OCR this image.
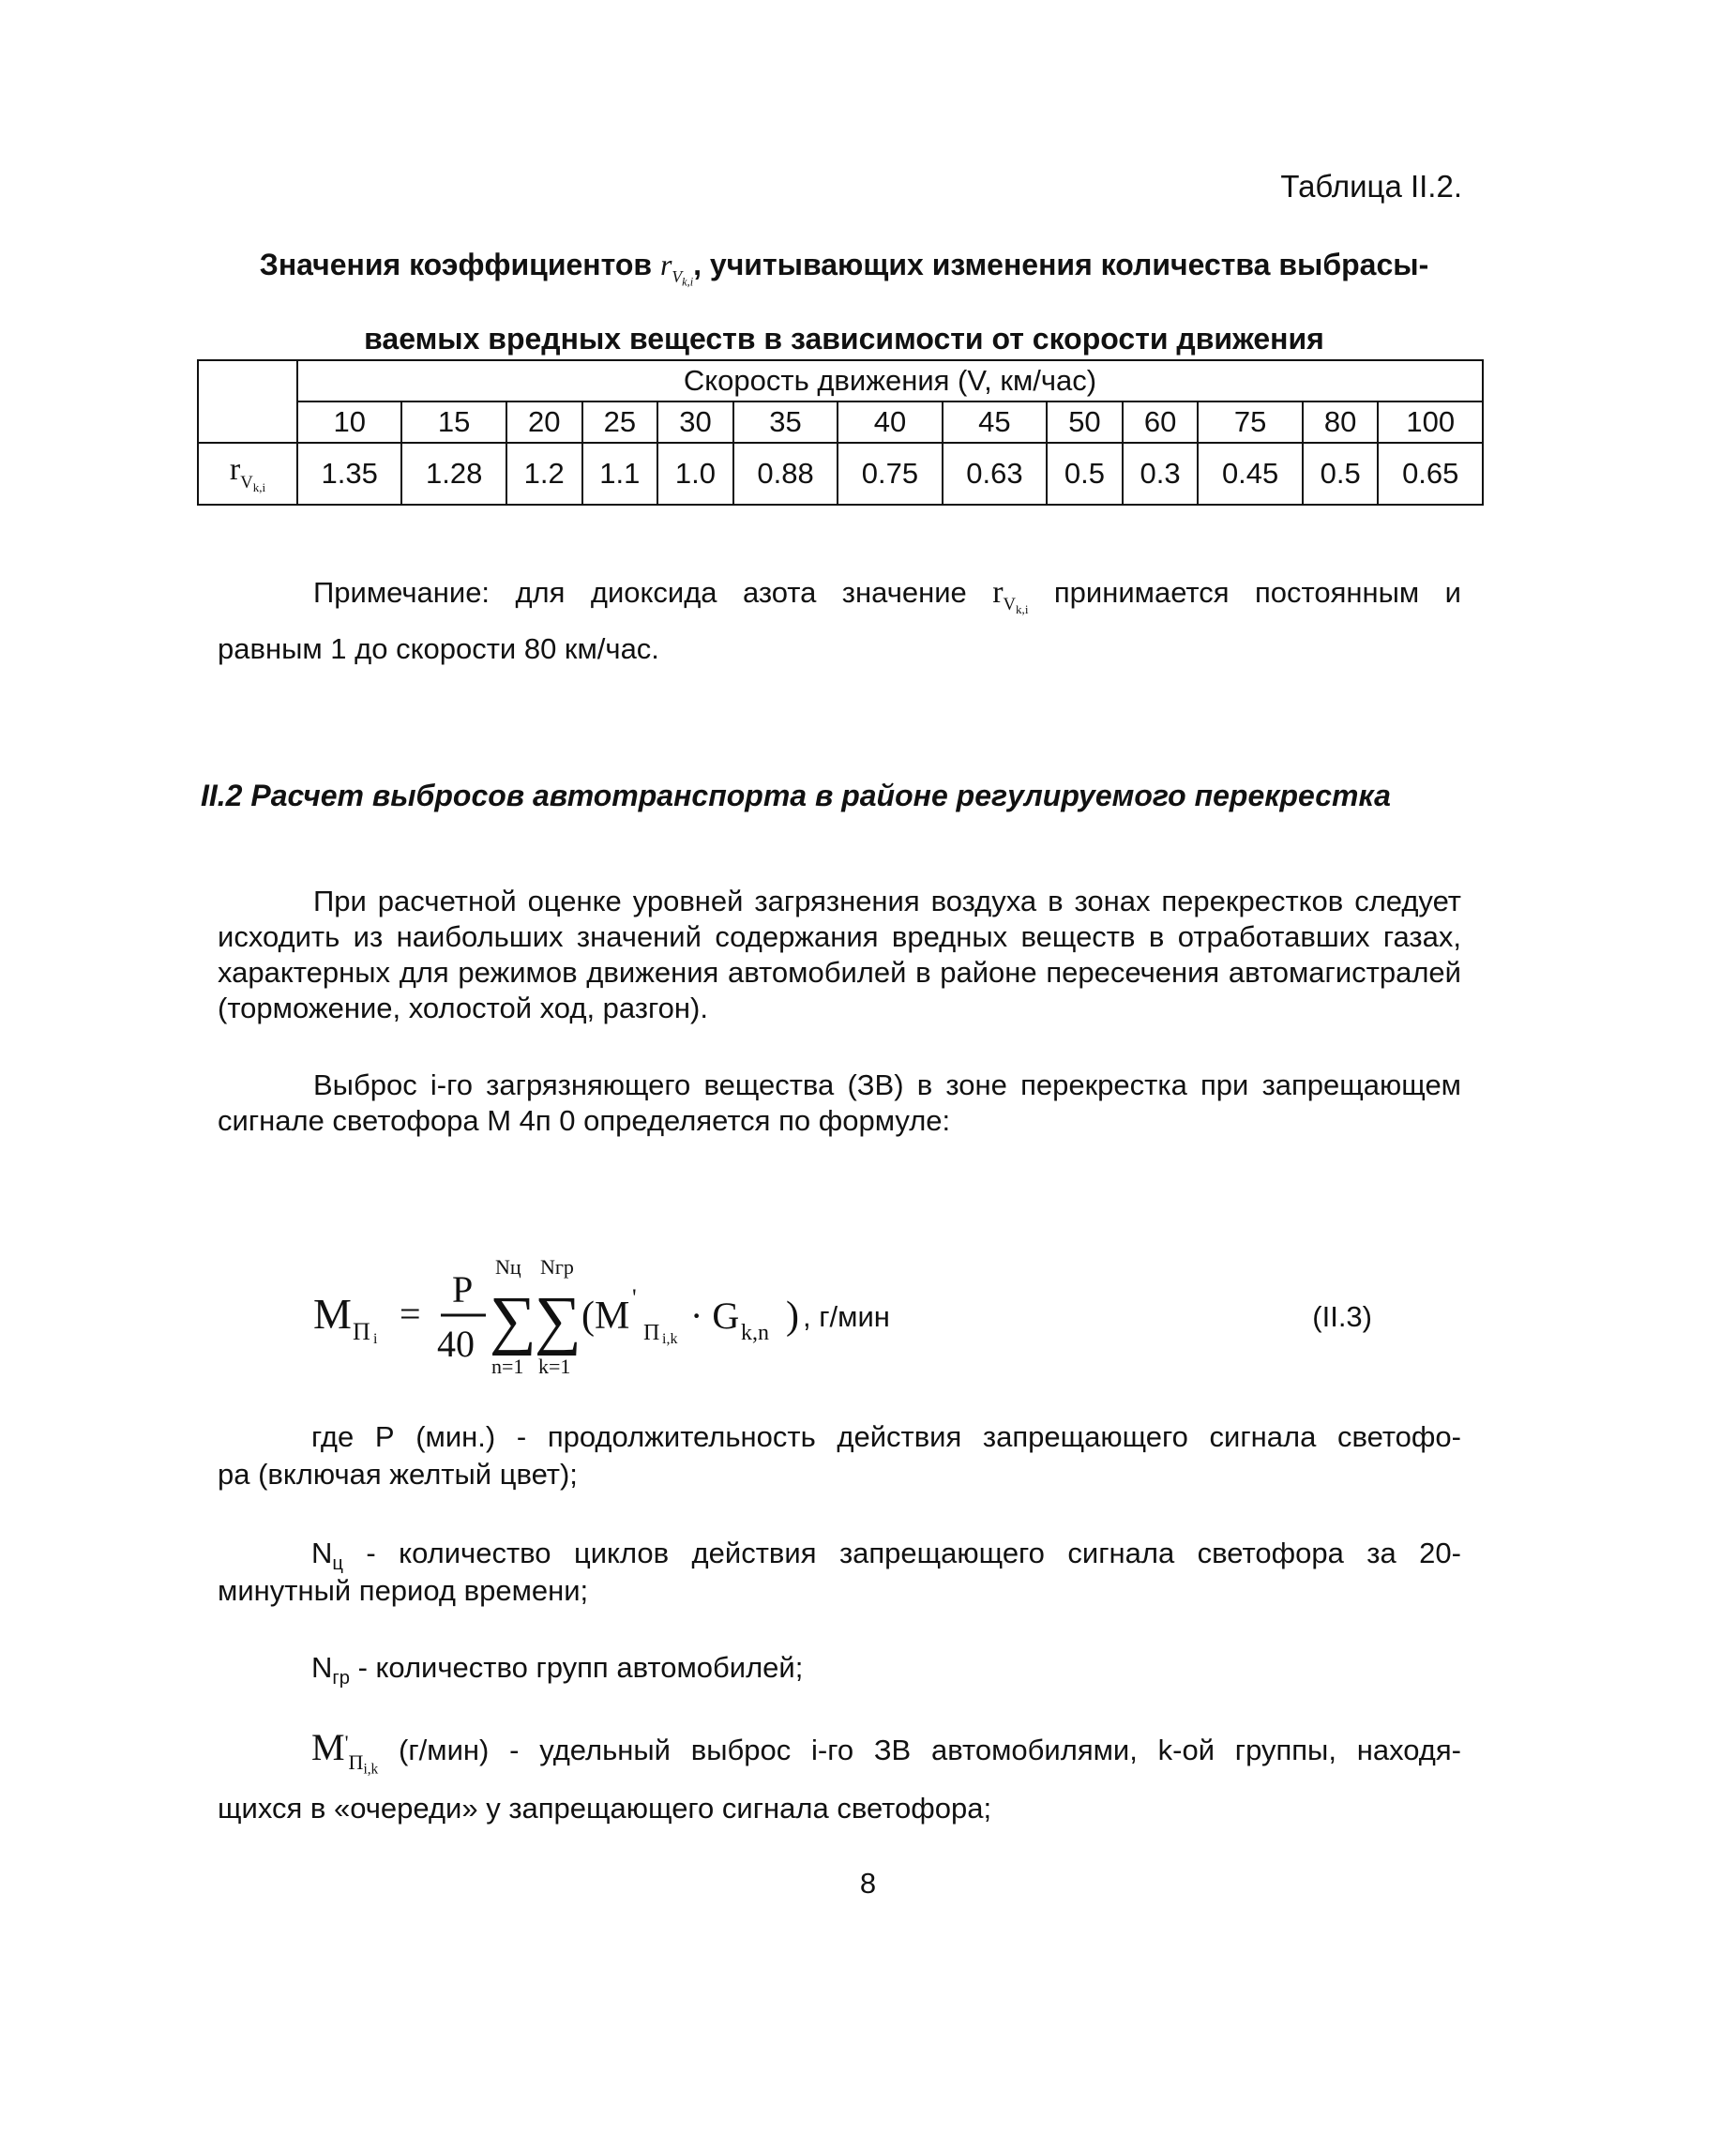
Таблица II.2.
Значения коэффициентов $r_{V_{k,i}}$, учитывающих изменения количества выбрасы-
ваемых вредных веществ в зависимости от скорости движения
	Скорость движения (V, км/час)												
	10	15	20	25	30	35	40	45	50	60	75	80	100
$r_{V_{k,i}}$	1.35	1.28	1.2	1.1	1.0	0.88	0.75	0.63	0.5	0.3	0.45	0.5	0.65
Примечание: для диоксида азота значение $r_{V_{k,i}}$ принимается постоянным и
равным 1 до скорости 80 км/час.
II.2 Расчет выбросов автотранспорта в районе регулируемого перекрестка
При расчетной оценке уровней загрязнения воздуха в зонах перекрестков следует исходить из наибольших значений содержания вредных веществ в отработавших газах, характерных для режимов движения автомобилей в районе пересечения автомагистралей (торможение, холостой ход, разгон).
Выброс i-го загрязняющего вещества (ЗВ) в зоне перекрестка при запрещающем сигнале светофора М 4п 0 определяется по формуле:
M П i
=
P
40
Nц
∑
n=1
Nгр
∑
k=1
(M '
П i,k
· G k,n ) , г/мин	(II.3)
где Р (мин.) - продолжительность действия запрещающего сигнала светофо-
ра (включая желтый цвет);
$N_ц$ - количество циклов действия запрещающего сигнала светофора за 20-
минутный период времени;
$N_{гр}$ - количество групп автомобилей;
$M'_{П_{i,k}}$ (г/мин) - удельный выброс i-го ЗВ автомобилями, k-ой группы, находя-
щихся в «очереди» у запрещающего сигнала светофора;
8
